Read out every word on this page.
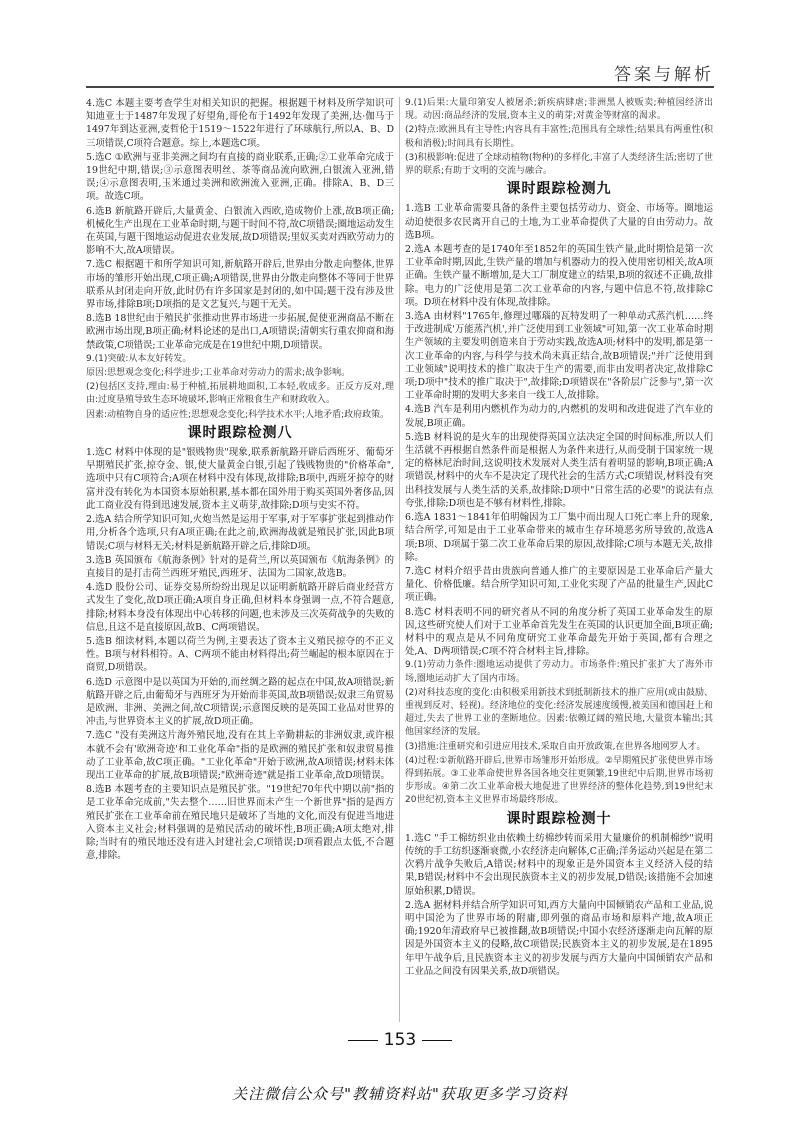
答案与解析

4.选C 本题主要考查学生对相关知识的把握。根据题干材料及所学知识可知迪亚士于1487年发现了好望角,哥伦布于1492年发现了美洲,达·伽马于1497年到达亚洲,麦哲伦于1519～1522年进行了环球航行,所以A、B、D三项错误,C项符合题意。综上,本题选C项。

5.选C ①欧洲与亚非美洲之间均有直接的商业联系,正确;②工业革命完成于19世纪中期,错误;③示意图表明丝、茶等商品流向欧洲,白银流入亚洲,错误;④示意图表明,玉米通过美洲和欧洲流入亚洲,正确。排除A、B、D三项。故选C项。

6.选B 新航路开辟后,大量黄金、白银流入西欧,造成物价上涨,故B项正确;机械化生产出现在工业革命时期,与题干时间不符,故C项错误;圈地运动发生在英国,与题干图地运动促进农业发展,故D项错误;里奴买卖对西欧劳动力的影响不大,故A项错误。

7.选C 根据题干和所学知识可知,新航路开辟后,世界由分散走向整体,世界市场的雏形开始出现,C项正确;A项错误,世界由分散走向整体不等同于世界联系从封闭走向开放,此时仍有许多国家是封闭的,如中国;题干没有涉及世界市场,排除B项;D项指的是文艺复兴,与题干无关。

8.选B 18世纪由于殖民扩张推动世界市场进一步拓展,促使亚洲商品不断在欧洲市场出现,B项正确;材料论述的是出口,A项错误;清朝实行重农抑商和海禁政策,C项错误;工业革命完成是在19世纪中期,D项错误。

9.(1)突破:从本友好转发。

原因:思想观念变化;科学进步;工业革命对劳动力的需求;战争影响。

(2)包括区支持,理由:易于种植,拓展耕地面积,工本轻,收成多。正反方反对,理由:过度垦殖导致生态环境破坏,影响正常粮食生产和财政收入。

因素:动植物自身的适应性;思想观念变化;科学技术水平;人地矛盾;政府政策。

课时跟踪检测八

1.选C 材料中体现的是"银贱物贵"现象,联系新航路开辟后西班牙、葡萄牙早期殖民扩张,掠夺金、银,使大量黄金白银,引起了钱贱物贵的"价格革命",选项中只有C项符合;A项在材料中没有体现,故排除;B项中,西班牙掠夺的财富并没有转化为本国资本原始积累,基本都在国外用于购买英国外奢侈品,因此工商业没有得到迅速发展,资本主义萌芽,故排除;D项与史实不符。

2.选A 结合所学知识可知,火炮当然是运用于军事,对于军事扩张起到推动作用,分析各个选项,只有A项正确;在此之前,欧洲海战就是殖民扩张,因此B项错误;C项与材料无关;材料是新航路开辟之后,排除D项。

3.选B 英国颁布《航海条例》针对的是荷兰,所以英国颁布《航海条例》的直接目的是打击荷兰西班牙殖民,西班牙、法国为二国家,故选B。

4.选D 股份公司、证券交易所纷纷出现足以证明新航路开辟后商业经营方式发生了变化,故D项正确;A项自身正确,但材料本身强调一点,不符合题意,排除;材料本身没有体现出中心转移的问题,也未涉及三次英荷战争的失败的信息,且这不是直接原因,故B、C两项错误。

5.选B 细读材料,本题以荷兰为例,主要表达了资本主义殖民掠夺的不正义性。B项与材料相符。A、C两项不能由材料得出;荷兰崛起的根本原因在于商贸,D项错误。

6.选D 示意图中是以英国为开始的,而丝绸之路的起点在中国,故A项错误;新航路开辟之后,由葡萄牙与西班牙为开始而非英国,故B项错误;奴隶三角贸易是欧洲、非洲、美洲之间,故C项错误;示意图反映的是英国工业品对世界的冲击,与世界资本主义的扩展,故D项正确。

7.选C "没有美洲这片海外殖民地,没有在其上辛勤耕耘的非洲奴隶,或许根本就不会有'欧洲奇迹'和工业化革命"指的是欧洲的殖民扩张和奴隶贸易推动了工业革命,故C项正确。"工业化革命"开始于欧洲,故A项错误;材料未体现出工业革命的扩展,故B项错误;"欧洲奇迹"就是指工业革命,故D项错误。

8.选B 本题考查的主要知识点是殖民扩张。"19世纪70年代中期以前"指的是工业革命完成前,"失去整个……旧世界而未产生一个新世界"指的是西方殖民扩张在工业革命前在殖民地只是破坏了当地的文化,而没有促进当地进入资本主义社会;材料强调的是殖民活动的破坏性,B项正确;A项太绝对,排除;当时有的殖民地还没有进入封建社会,C项错误;D项看跟点太低,不合题意,排除。

9.(1)后果:大量印第安人被屠杀;新疾病肆虐;非洲黑人被贩卖;种植园经济出现。动因:商品经济的发展,资本主义的萌芽;对黄金等财富的渴求。

(2)特点:欧洲具有主导性;内容具有丰富性;范围具有全球性;结果具有两重性(积极和消极);时间具有长期性。

(3)积极影响:促进了全球动植物(物种)的多样化,丰富了人类经济生活;密切了世界的联系;有助于文明的交流与融合。

课时跟踪检测九

1.选B 工业革命需要具备的条件主要包括劳动力、资金、市场等。圈地运动迫使很多农民离开自己的土地,为工业革命提供了大量的自由劳动力。故选B项。

2.选A 本题考查的是1740年至1852年的英国生铁产量,此时期恰是第一次工业革命时期,因此,生铁产量的增加与机器动力的投入使用密切相关,故A项正确。生铁产量不断增加,是大工厂制度建立的结果,B项的叙述不正确,故排除。电力的广泛使用是第二次工业革命的内容,与题中信息不符,故排除C项。D项在材料中没有体现,故排除。

3.选A 由材料"1765年,修理过哪瑙的瓦特发明了一种单动式蒸汽机……终于改进制成'万能蒸汽机',并广泛使用到工业领域"可知,第一次工业革命时期生产领域的主要发明创造来自于劳动实践,故选A项;材料中的发明,都是第一次工业革命的内容,与科学与技术尚未真正结合,故B项错误;"并广泛使用到工业领域"说明技术的推广取决于生产的需要,而非由发明者决定,故排除C项;D项中"技术的推广取决于",故排除;D项错误在"各阶层广泛参与",第一次工业革命时期的发明大多来自一线工人,故排除。

4.选B 汽车是利用内燃机作为动力的,内燃机的发明和改进促进了汽车业的发展,B项正确。

5.选B 材料说的是火车的出现使得英国立法决定全国的时间标准,所以人们生活就不再根据自然条件而是根据人为条件来进行,从而受制于国家统一规定的格林尼治时间,这说明技术发展对人类生活有着明显的影响,B项正确;A项错误,材料中的火车不是决定了现代社会的生活方式;C项错误,材料没有突出科技发展与人类生活的关系,故排除;D项中"日常生活的必要"的说法有点夸张,排除;D项也是不够有材料性,排除。

6.选A 1831～1841年伯明翰因为工厂集中而出现人口死亡率上升的现象,结合所学,可知是由于工业革命带来的城市生存环境恶劣所导致的,故选A项;B项、D项属于第二次工业革命后果的原因,故排除;C项与本题无关,故排除。

7.选C 材料介绍乎昔由贵族向普通人推广的主要原因是工业革命后产量大量化、价格低廉。结合所学知识可知,工业化实现了产品的批量生产,因此C项正确。

8.选C 材料表明不同的研究者从不同的角度分析了英国工业革命发生的原因,这些研究使人们对于工业革命首先发生在英国的认识更加全面,B项正确;材料中的观点是从不同角度研究工业革命最先开始于英国,都有合理之处,A、D两项错误;C项不符合材料主旨,排除。

9.(1)劳动力条件:圈地运动提供了劳动力。市场条件:殖民扩张扩大了海外市场,圈地运动扩大了国内市场。

(2)对科技态度的变化:由积极采用新技术到抵制新技术的推广应用(或由鼓励、重视到反对、轻视)。经济地位的变化:经济发展速度缓慢,被美国和德国赶上和超过,失去了世界工业的垄断地位。因素:依赖辽阔的殖民地,大量资本输出;其他国家经济的发展。

(3)措施:注重研究和引进应用技术,采取自由开放政策,在世界各地网罗人才。

(4)过程:①新航路开辟后,世界市场雏形开始形成。②早期殖民扩张使世界市场得到拓展。③工业革命使世界各国各地交往更频繁,19世纪中后期,世界市场初步形成。④第二次工业革命极大地促进了世界经济的整体化趋势,到19世纪末20世纪初,资本主义世界市场最终形成。

课时跟踪检测十

1.选C "手工棉纺织业由依赖土纺棉纱转而采用大量廉价的机制棉纱"说明传统的手工纺织逐渐衰微,小农经济走向解体,C正确;洋务运动兴起是在第二次鸦片战争失败后,A错误;材料中的现象正是外国资本主义经济入侵的结果,B错误;材料中不会出现民族资本主义的初步发展,D错误;该措施不会加速原始积累,D错误。

2.选A 据材料并结合所学知识可知,西方大量向中国倾销农产品和工业品,说明中国沦为了世界市场的附庸,即列强的商品市场和原料产地,故A项正确;1920年清政府早已被推翻,故B项错误;中国小农经济逐渐走向瓦解的原因是外国资本主义的侵略,故C项错误;民族资本主义的初步发展,是在1895年甲午战争后,且民族资本主义的初步发展与西方大量向中国倾销农产品和工业品之间没有因果关系,故D项错误。

153
关注微信公众号"教辅资料站"获取更多学习资料
